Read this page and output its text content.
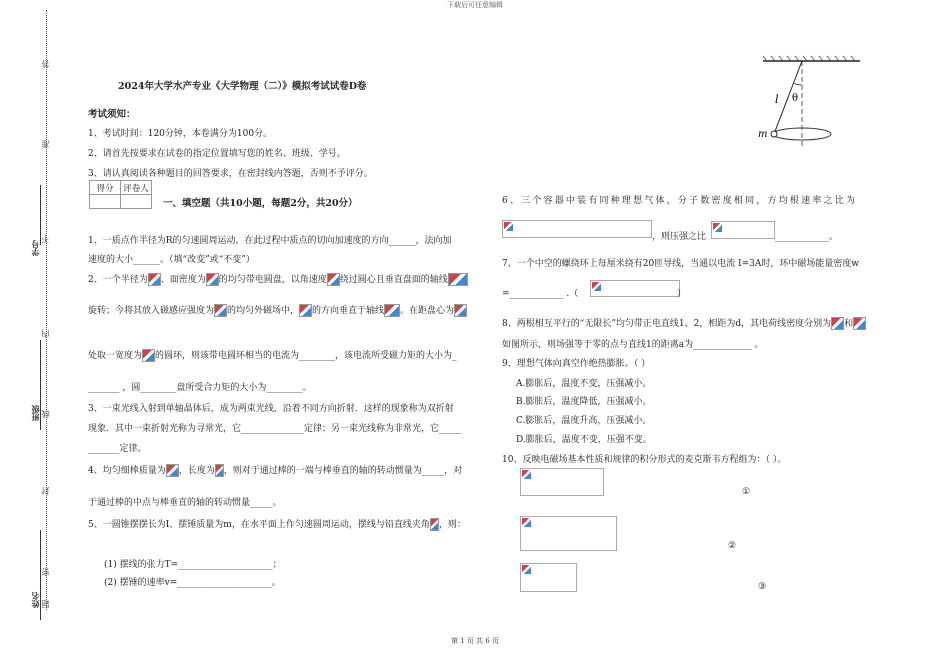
下载后可任意编辑
第 1 页 共 6 页
答
准
学号
不
内
班级 线
封
密
姓名 题
2024年大学水产专业《大学物理（二）》模拟考试试卷D卷
考试须知：
1、考试时间：120分钟，本卷满分为100分。
2、请首先按要求在试卷的指定位置填写您的姓名、班级、学号。
3、请认真阅读各种题目的回答要求，在密封线内答题，否则不予评分。
得分	评卷人

一、填空题（共10小题，每题2分，共20分）
1、一质点作半径为R的匀速圆周运动，在此过程中质点的切向加速度的方向______，法向加
速度的大小______。（填“改变”或“不变”）
2、一个半径为 、面密度为 的均匀带电圆盘，以角速度 绕过圆心且垂直盘面的轴线
旋转；今将其放入磁感应强度为 的均匀外磁场中， 的方向垂直于轴线 。在距盘心为
处取一宽度为 的圆环，则该带电圆环相当的电流为________，该电流所受磁力矩的大小为_
_______ ，圆________盘所受合力矩的大小为________。
3、一束光线入射到单轴晶体后，成为两束光线，沿着不同方向折射．这样的现象称为双折射
现象．其中一束折射光称为寻常光，它______________定律；另一束光线称为非常光，它_____
_______定律。
4、均匀细棒质量为 ，长度为 ，则对于通过棒的一端与棒垂直的轴的转动惯量为_____，对
于通过棒的中点与棒垂直的轴的转动惯量_____。
5、一圆锥摆摆长为I、摆锤质量为m，在水平面上作匀速圆周运动，摆线与铅直线夹角 ，则：
(1) 摆线的张力T=_____________________；
(2) 摆锤的速率v=_____________________。
l θ
m
6、三个容器中装有同种理想气体，分子数密度相同，方均根速率之比为
，则压强之比	____________。
7、一个中空的螺绕环上每厘米绕有20匝导线，当通以电流 I=3A时，环中磁场能量密度w
=____________ .（	）
8、两根相互平行的“无限长”均匀带正电直线1、2，相距为d，其电荷线密度分别为 和
如图所示，则场强等于零的点与直线1的距离a为_____________ 。
9、理想气体向真空作绝热膨胀。（ ）
A.膨胀后，温度不变，压强减小。
B.膨胀后，温度降低，压强减小。
C.膨胀后，温度升高，压强减小。
D.膨胀后，温度不变，压强不变。
10、反映电磁场基本性质和规律的积分形式的麦克斯韦方程组为：（ ）。
①
②
③
